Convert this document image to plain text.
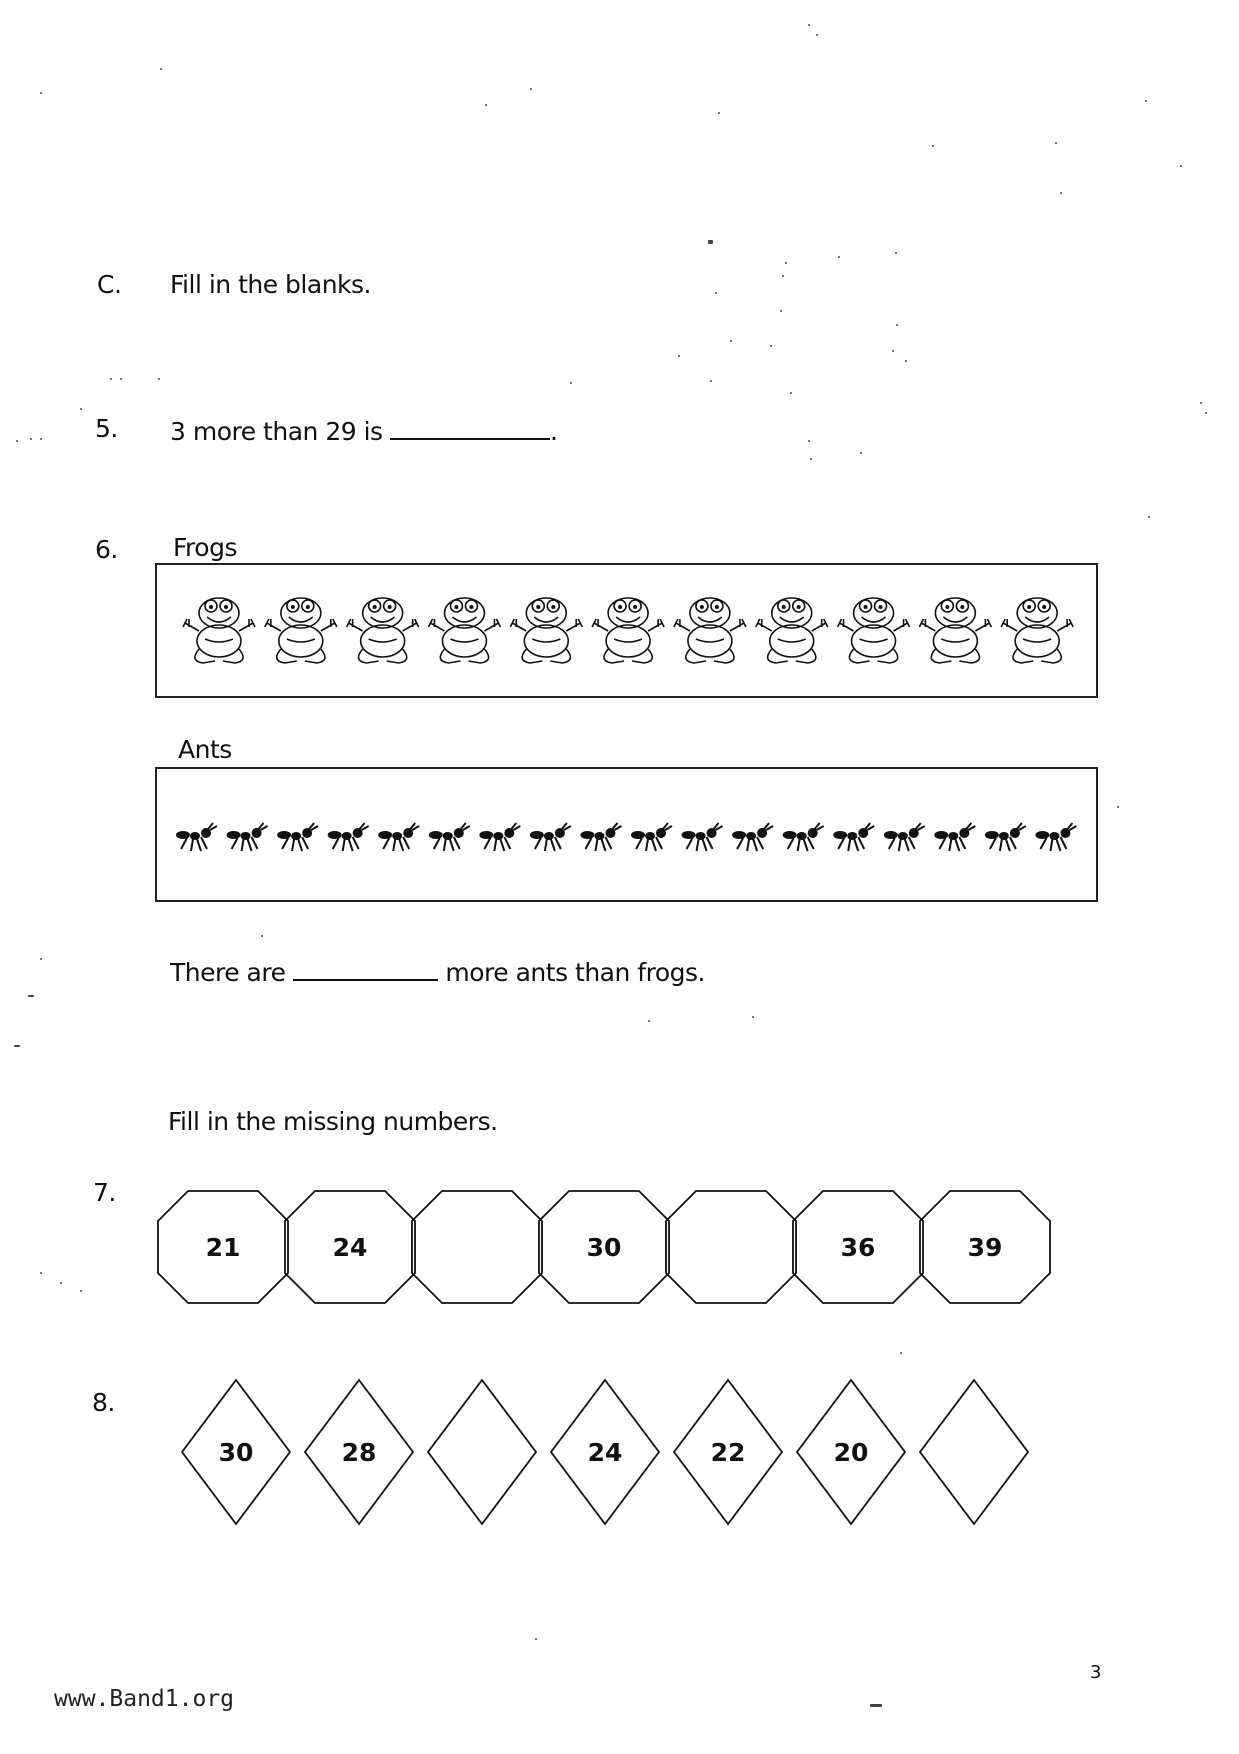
C. Fill in the blanks.
5. 3 more than 29 is	.
6. Frogs
Ants
There are	more ants than frogs.
Fill in the missing numbers.
7.
21	24	30	36	39
8.
30	28	24	22	20
3
www.Band1.org
